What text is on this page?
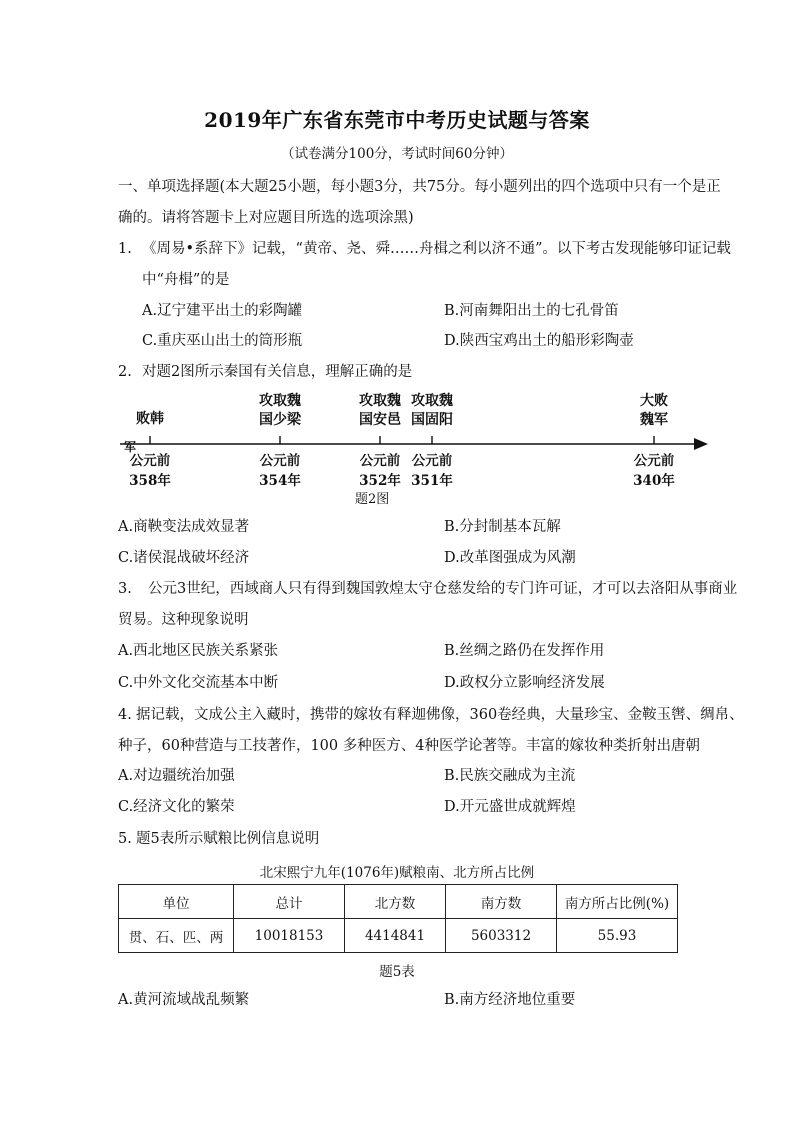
2019年广东省东莞市中考历史试题与答案
（试卷满分100分，考试时间60分钟）
一、单项选择题(本大题25小题，每小题3分，共75分。每小题列出的四个选项中只有一个是正
确的。请将答题卡上对应题目所选的选项涂黑)
1. 《周易•系辞下》记载，“黄帝、尧、舜……舟楫之利以济不通”。以下考古发现能够印证记载
中“舟楫”的是
A.辽宁建平出土的彩陶罐	B.河南舞阳出土的七孔骨笛
C.重庆巫山出土的筒形瓶	D.陕西宝鸡出土的船形彩陶壶
2. 对题2图所示秦国有关信息，理解正确的是
败韩
军
公元前
358年
攻取魏
国少梁
公元前
354年
攻取魏
国安邑
公元前
352年
攻取魏
国固阳
公元前
351年
大败
魏军
公元前
340年
题2图
A.商鞅变法成效显著	B.分封制基本瓦解
C.诸侯混战破坏经济	D.改革图强成为风潮
3. 公元3世纪，西域商人只有得到魏国敦煌太守仓慈发给的专门许可证，才可以去洛阳从事商业
贸易。这种现象说明
A.西北地区民族关系紧张	B.丝绸之路仍在发挥作用
C.中外文化交流基本中断	D.政权分立影响经济发展
4. 据记载，文成公主入藏时，携带的嫁妆有释迦佛像，360卷经典，大量珍宝、金鞍玉辔、绸帛、
种子，60种营造与工技著作，100 多种医方、4种医学论著等。丰富的嫁妆种类折射出唐朝
A.对边疆统治加强	B.民族交融成为主流
C.经济文化的繁荣	D.开元盛世成就辉煌
5. 题5表所示赋粮比例信息说明
北宋熙宁九年(1076年)赋粮南、北方所占比例
单位	总计	北方数	南方数	南方所占比例(%)
贯、石、匹、两	10018153	4414841	5603312	55.93
题5表
A.黄河流域战乱频繁	B.南方经济地位重要
